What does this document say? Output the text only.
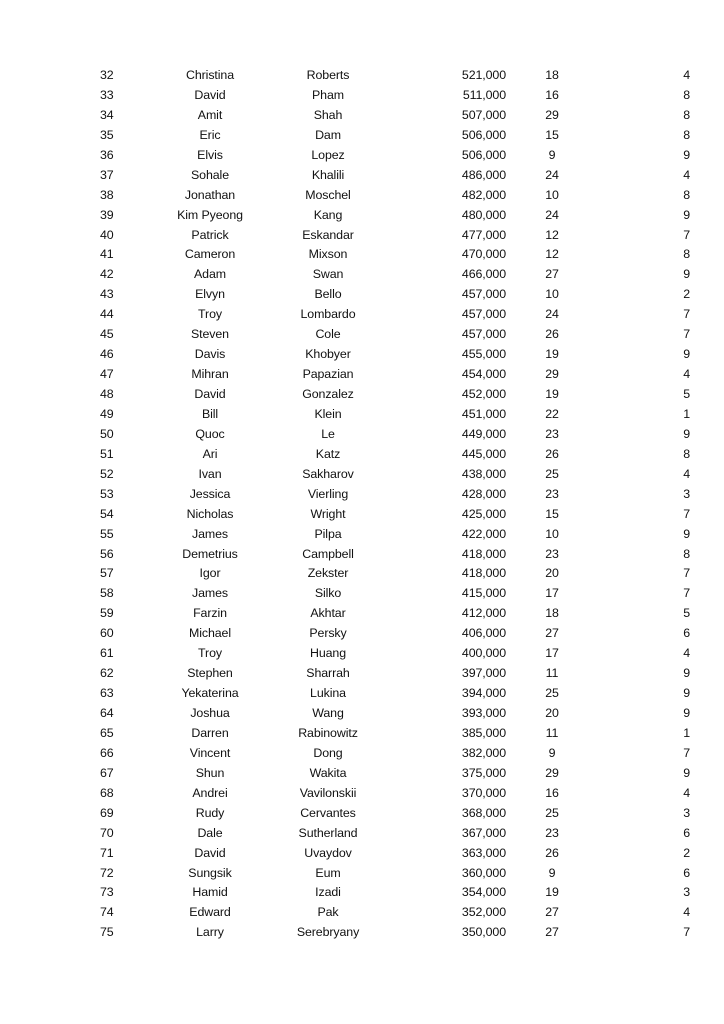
32	Christina	Roberts	521,000	18	4
33	David	Pham	511,000	16	8
34	Amit	Shah	507,000	29	8
35	Eric	Dam	506,000	15	8
36	Elvis	Lopez	506,000	9	9
37	Sohale	Khalili	486,000	24	4
38	Jonathan	Moschel	482,000	10	8
39	Kim Pyeong	Kang	480,000	24	9
40	Patrick	Eskandar	477,000	12	7
41	Cameron	Mixson	470,000	12	8
42	Adam	Swan	466,000	27	9
43	Elvyn	Bello	457,000	10	2
44	Troy	Lombardo	457,000	24	7
45	Steven	Cole	457,000	26	7
46	Davis	Khobyer	455,000	19	9
47	Mihran	Papazian	454,000	29	4
48	David	Gonzalez	452,000	19	5
49	Bill	Klein	451,000	22	1
50	Quoc	Le	449,000	23	9
51	Ari	Katz	445,000	26	8
52	Ivan	Sakharov	438,000	25	4
53	Jessica	Vierling	428,000	23	3
54	Nicholas	Wright	425,000	15	7
55	James	Pilpa	422,000	10	9
56	Demetrius	Campbell	418,000	23	8
57	Igor	Zekster	418,000	20	7
58	James	Silko	415,000	17	7
59	Farzin	Akhtar	412,000	18	5
60	Michael	Persky	406,000	27	6
61	Troy	Huang	400,000	17	4
62	Stephen	Sharrah	397,000	11	9
63	Yekaterina	Lukina	394,000	25	9
64	Joshua	Wang	393,000	20	9
65	Darren	Rabinowitz	385,000	11	1
66	Vincent	Dong	382,000	9	7
67	Shun	Wakita	375,000	29	9
68	Andrei	Vavilonskii	370,000	16	4
69	Rudy	Cervantes	368,000	25	3
70	Dale	Sutherland	367,000	23	6
71	David	Uvaydov	363,000	26	2
72	Sungsik	Eum	360,000	9	6
73	Hamid	Izadi	354,000	19	3
74	Edward	Pak	352,000	27	4
75	Larry	Serebryany	350,000	27	7
